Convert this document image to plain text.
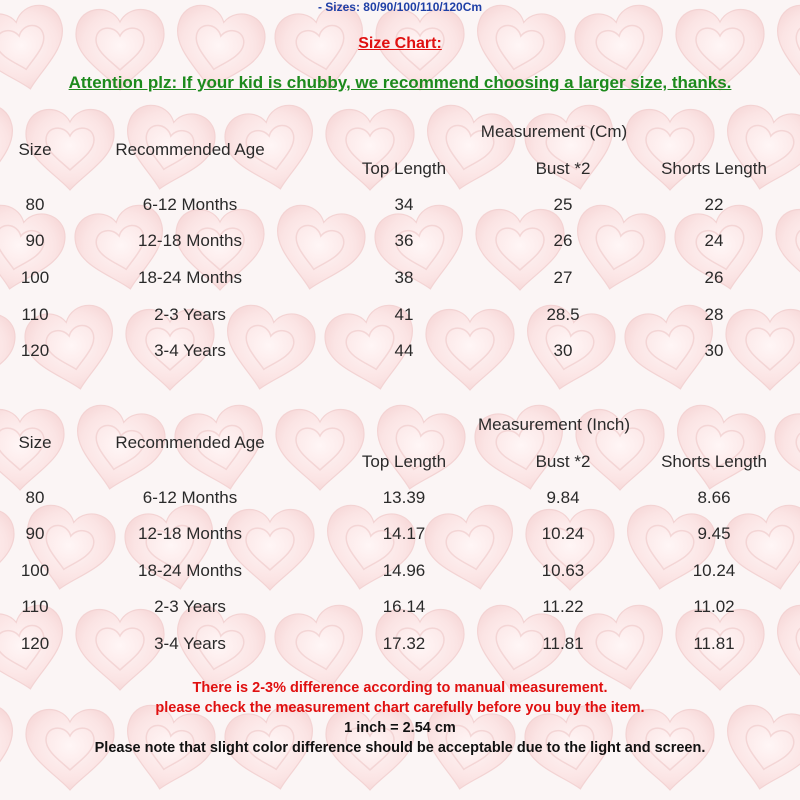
- Sizes: 80/90/100/110/120Cm
Size Chart:
Attention plz: If your kid is chubby, we recommend choosing a larger size, thanks.
Measurement (Cm)
Size	Recommended Age
Top Length	Bust *2	Shorts Length
80	6-12 Months	34	25	22
90	12-18 Months	36	26	24
100	18-24 Months	38	27	26
110	2-3 Years	41	28.5	28
120	3-4 Years	44	30	30
Measurement (Inch)
Size	Recommended Age
Top Length	Bust *2	Shorts Length
80	6-12 Months	13.39	9.84	8.66
90	12-18 Months	14.17	10.24	9.45
100	18-24 Months	14.96	10.63	10.24
110	2-3 Years	16.14	11.22	11.02
120	3-4 Years	17.32	11.81	11.81
There is 2-3% difference according to manual measurement.
please check the measurement chart carefully before you buy the item.
1 inch = 2.54 cm
Please note that slight color difference should be acceptable due to the light and screen.
